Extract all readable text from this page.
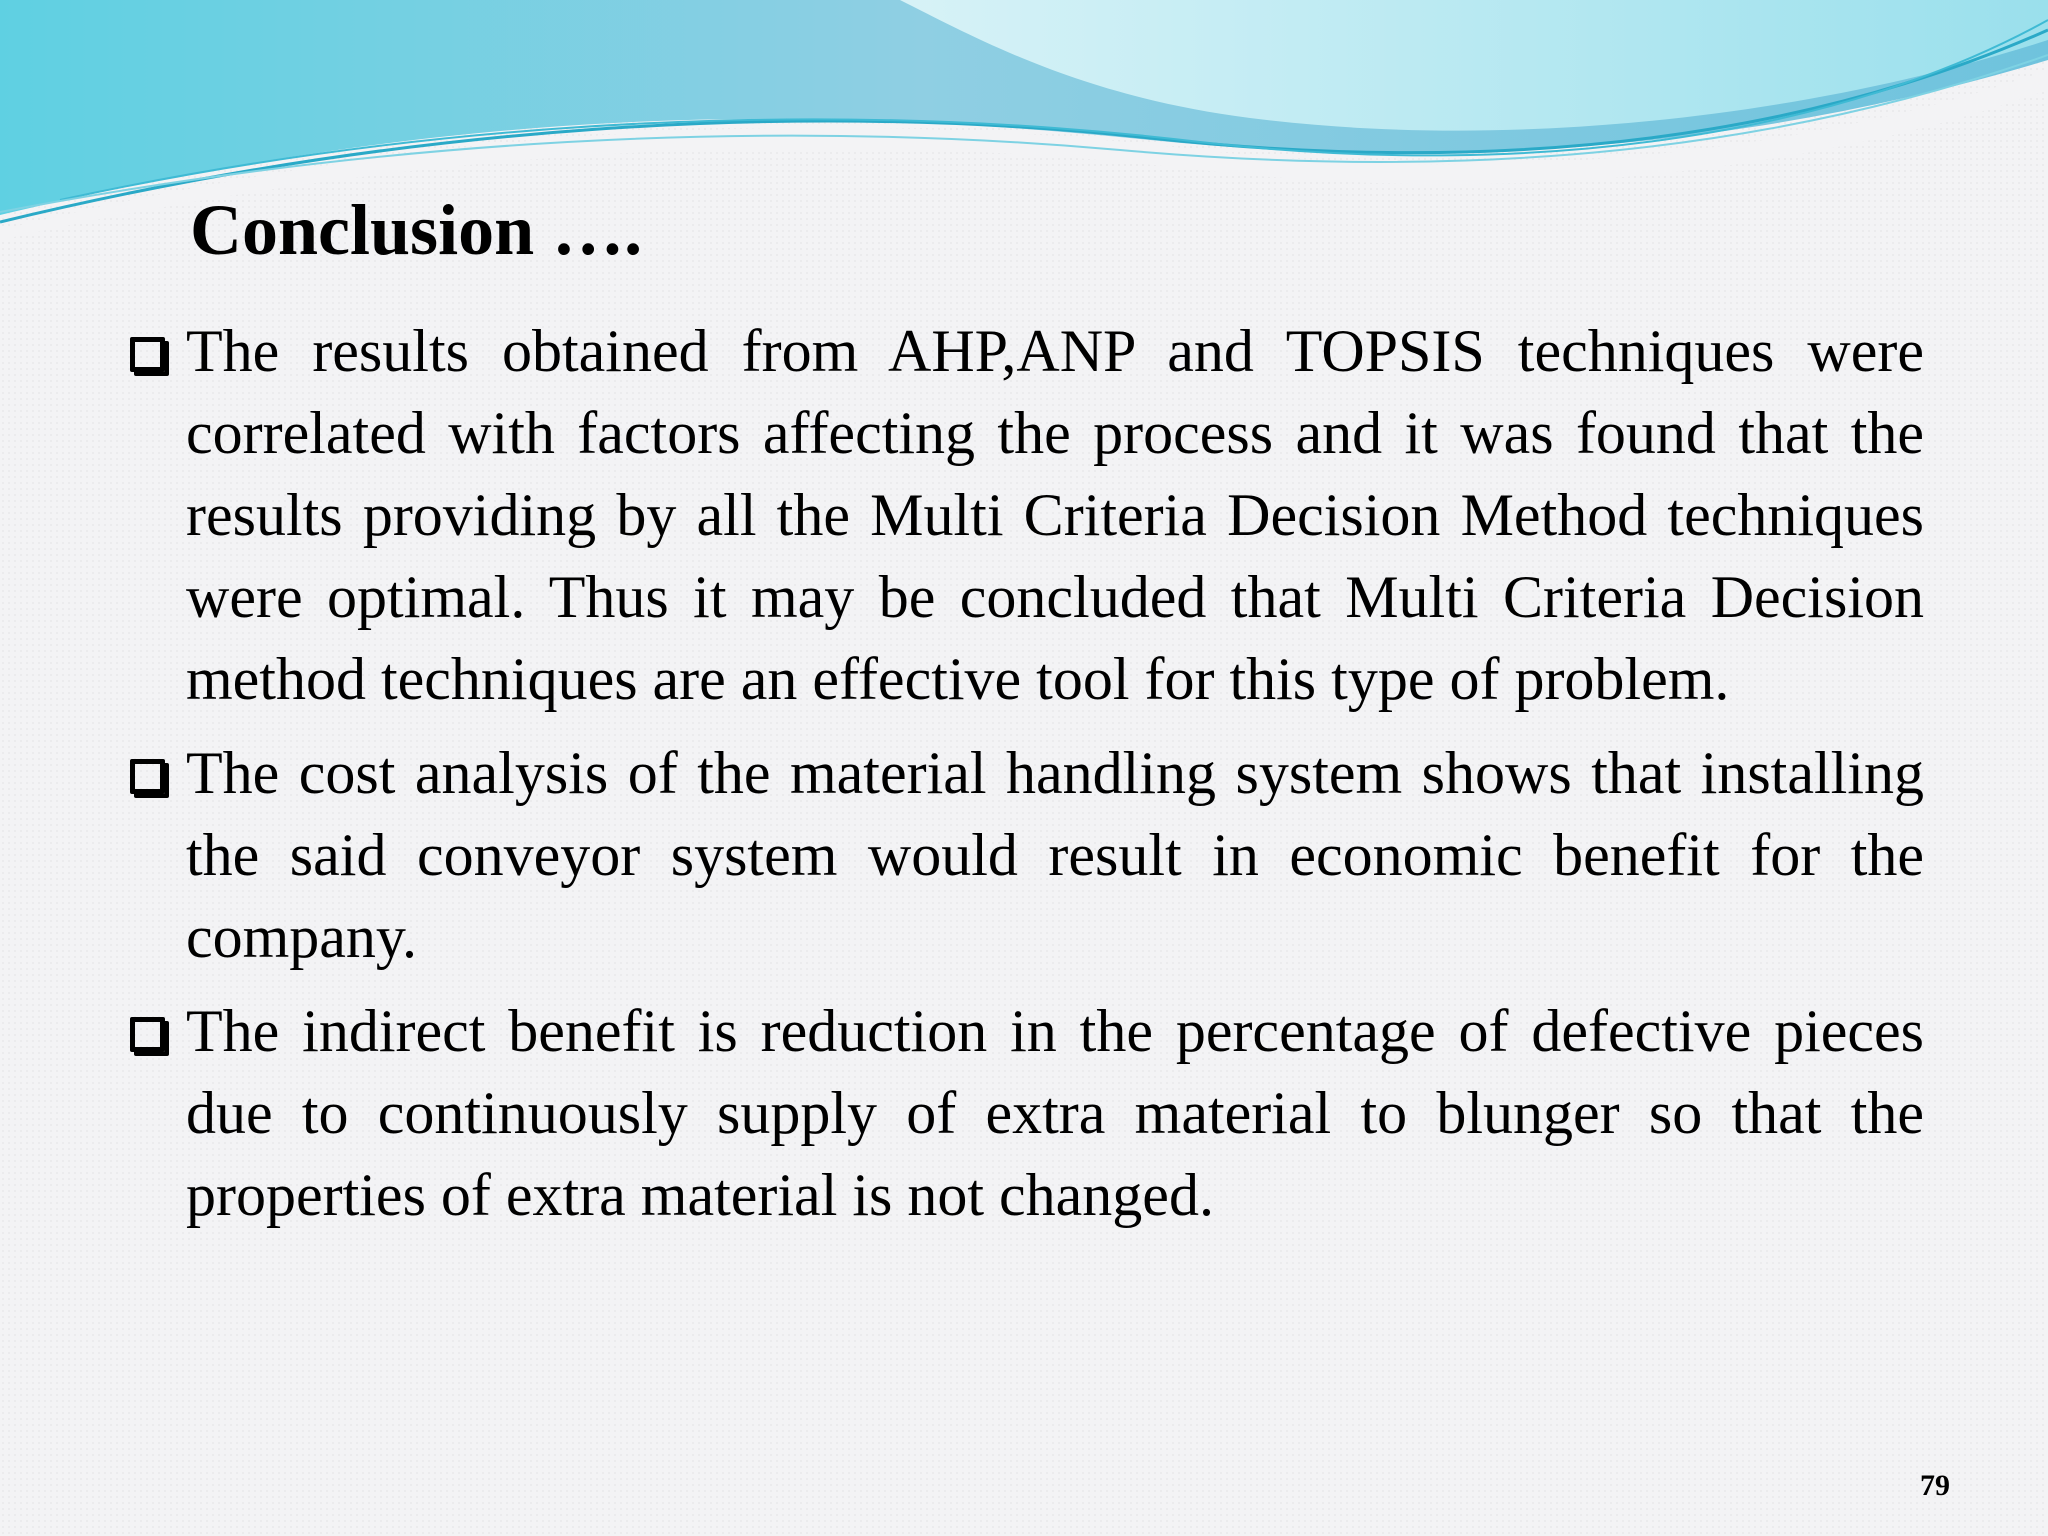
Conclusion ….
The results obtained from AHP,ANP and TOPSIS techniques were correlated with factors affecting the process and it was found that the results providing by all the Multi Criteria Decision Method techniques were optimal. Thus it may be concluded that Multi Criteria Decision method techniques are an effective tool for this type of problem.
The cost analysis of the material handling system shows that installing the said conveyor system would result in economic benefit for the company.
The indirect benefit is reduction in the percentage of defective pieces due to continuously supply of extra material to blunger so that the properties of extra material is not changed.
79
